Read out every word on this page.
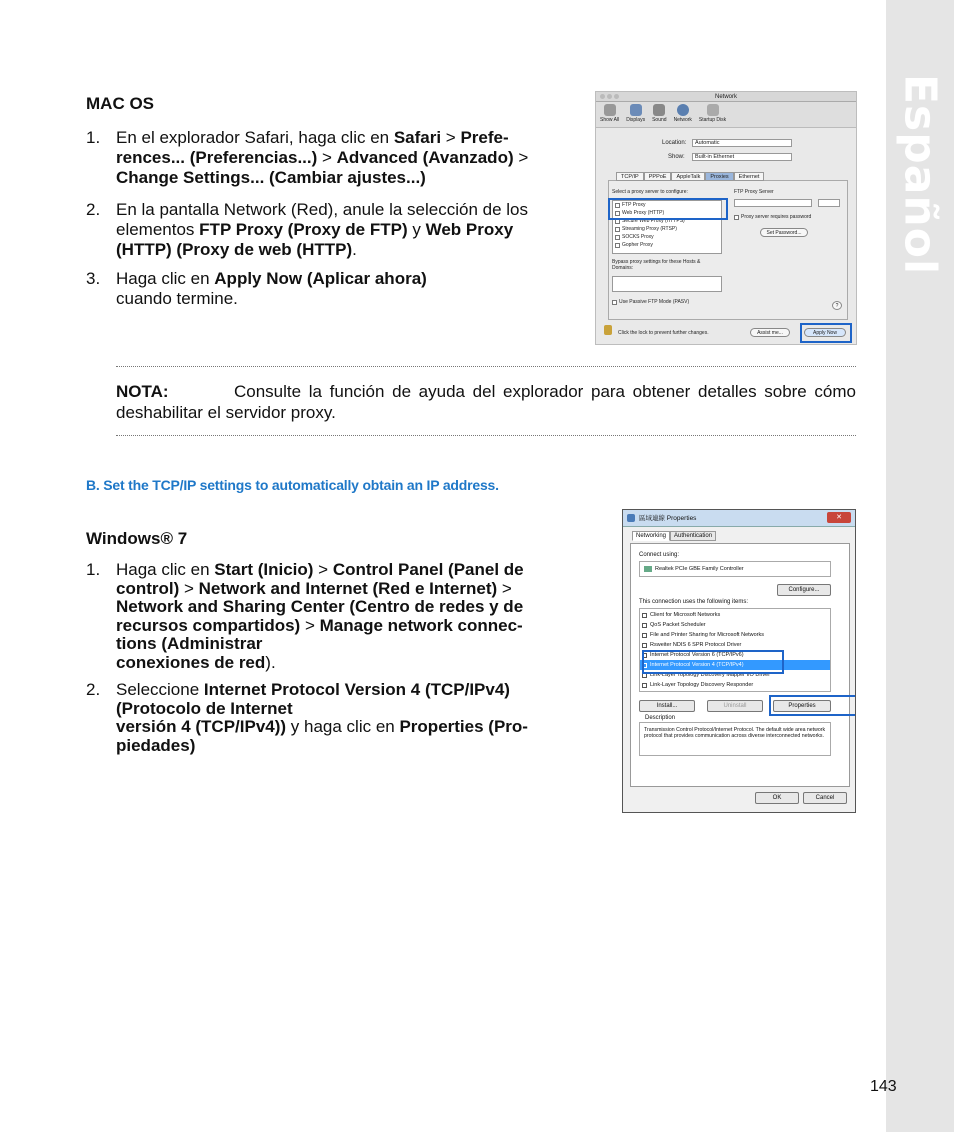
Español
MAC OS
1. En el explorador Safari, haga clic en Safari > Prefe-
rences... (Preferencias...) > Advanced (Avanzado) >
Change Settings... (Cambiar ajustes...)
2. En la pantalla Network (Red), anule la selección de los
elementos FTP Proxy (Proxy de FTP) y Web Proxy
(HTTP) (Proxy de web (HTTP).
3. Haga clic en Apply Now (Aplicar ahora)
cuando termine.
Network
Show All Displays Sound Network Startup Disk
Location:	Automatic
Show:	Built-in Ethernet
TCP/IP	PPPoE	AppleTalk	Proxies	Ethernet
Select a proxy server to configure:	FTP Proxy Server
FTP Proxy
Web Proxy (HTTP)
Secure Web Proxy (HTTPS)
Streaming Proxy (RTSP)
SOCKS Proxy
Gopher Proxy
Proxy server requires password
Set Password...
Bypass proxy settings for these Hosts & Domains:
Use Passive FTP Mode (PASV)
?
Click the lock to prevent further changes.	Assist me...	Apply Now
NOTA:	Consulte la función de ayuda del explorador para obtener detalles sobre cómo deshabilitar el servidor proxy.
B. Set the TCP/IP settings to automatically obtain an IP address.
Windows® 7
1. Haga clic en Start (Inicio) > Control Panel (Panel de
control) > Network and Internet (Red e Internet) >
Network and Sharing Center (Centro de redes y de
recursos compartidos) > Manage network connec-
tions (Administrar
conexiones de red).
2. Seleccione Internet Protocol Version 4 (TCP/IPv4)
(Protocolo de Internet
versión 4 (TCP/IPv4)) y haga clic en Properties (Pro-
piedades)
區域連線 Properties	✕
Networking	Authentication
Connect using:
Realtek PCIe GBE Family Controller
Configure...
This connection uses the following items:
Client for Microsoft Networks
QoS Packet Scheduler
File and Printer Sharing for Microsoft Networks
Rsweiter NDIS 6 SPR Protocol Driver
Internet Protocol Version 6 (TCP/IPv6)
Internet Protocol Version 4 (TCP/IPv4)
Link-Layer Topology Discovery Mapper I/O Driver
Link-Layer Topology Discovery Responder
Install...	Uninstall	Properties
Description
Transmission Control Protocol/Internet Protocol. The default wide area network protocol that provides communication across diverse interconnected networks.
OK	Cancel
143
